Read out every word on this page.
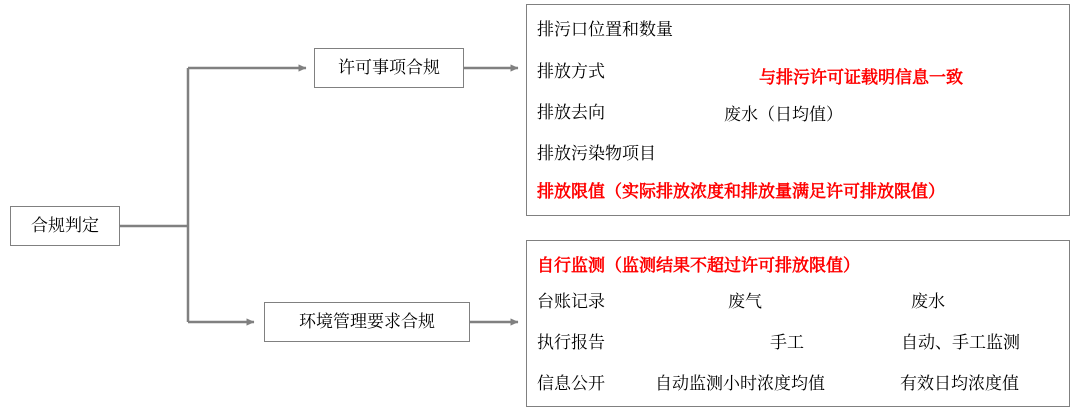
合规判定
许可事项合规
环境管理要求合规
排污口位置和数量
排放方式
排放去向
排放污染物项目
排放限值（实际排放浓度和排放量满足许可排放限值）
与排污许可证载明信息一致
废水（日均值）
自行监测（监测结果不超过许可排放限值）
台账记录	废气	废水
执行报告	手工	自动、手工监测
信息公开	自动监测小时浓度均值	有效日均浓度值
